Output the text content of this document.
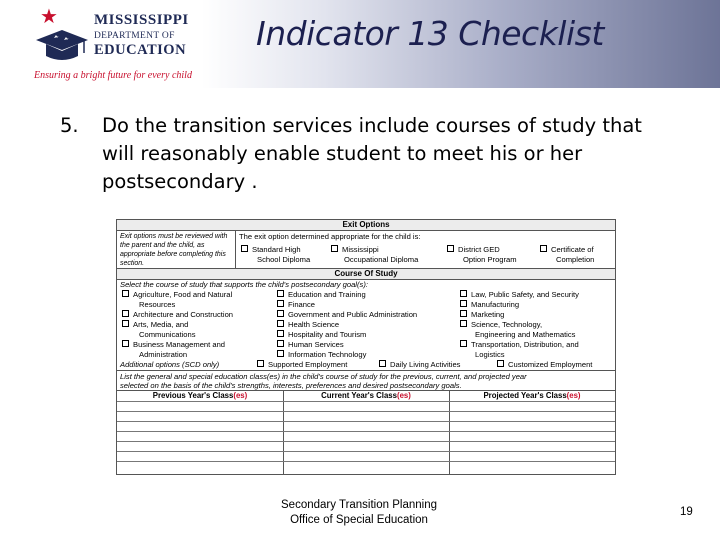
★ MISSISSIPPI
DEPARTMENT OF
EDUCATION
Ensuring a bright future for every child
Indicator 13 Checklist
5. Do the transition services include courses of study that will reasonably enable student to meet his or her postsecondary .
Exit Options
Exit options must be reviewed with the parent and the child, as appropriate before completing this section.
The exit option determined appropriate for the child is:
Standard High
School Diploma
Mississippi
Occupational Diploma
District GED
Option Program
Certificate of
Completion
Course Of Study
Select the course of study that supports the child's postsecondary goal(s):
Agriculture, Food and Natural
Resources
Architecture and Construction
Arts, Media, and
Communications
Business Management and
Administration
Education and Training
Finance
Government and Public Administration
Health Science
Hospitality and Tourism
Human Services
Information Technology
Law, Public Safety, and Security
Manufacturing
Marketing
Science, Technology,
Engineering and Mathematics
Transportation, Distribution, and
Logistics
Additional options (SCD only)	Supported Employment	Daily Living Activities	Customized Employment
List the general and special education class(es) in the child's course of study for the previous, current, and projected year
selected on the basis of the child's strengths, interests, preferences and desired postsecondary goals.
Previous Year's Class(es)	Current Year's Class(es)	Projected Year's Class(es)
Secondary Transition Planning
Office of Special Education
19
